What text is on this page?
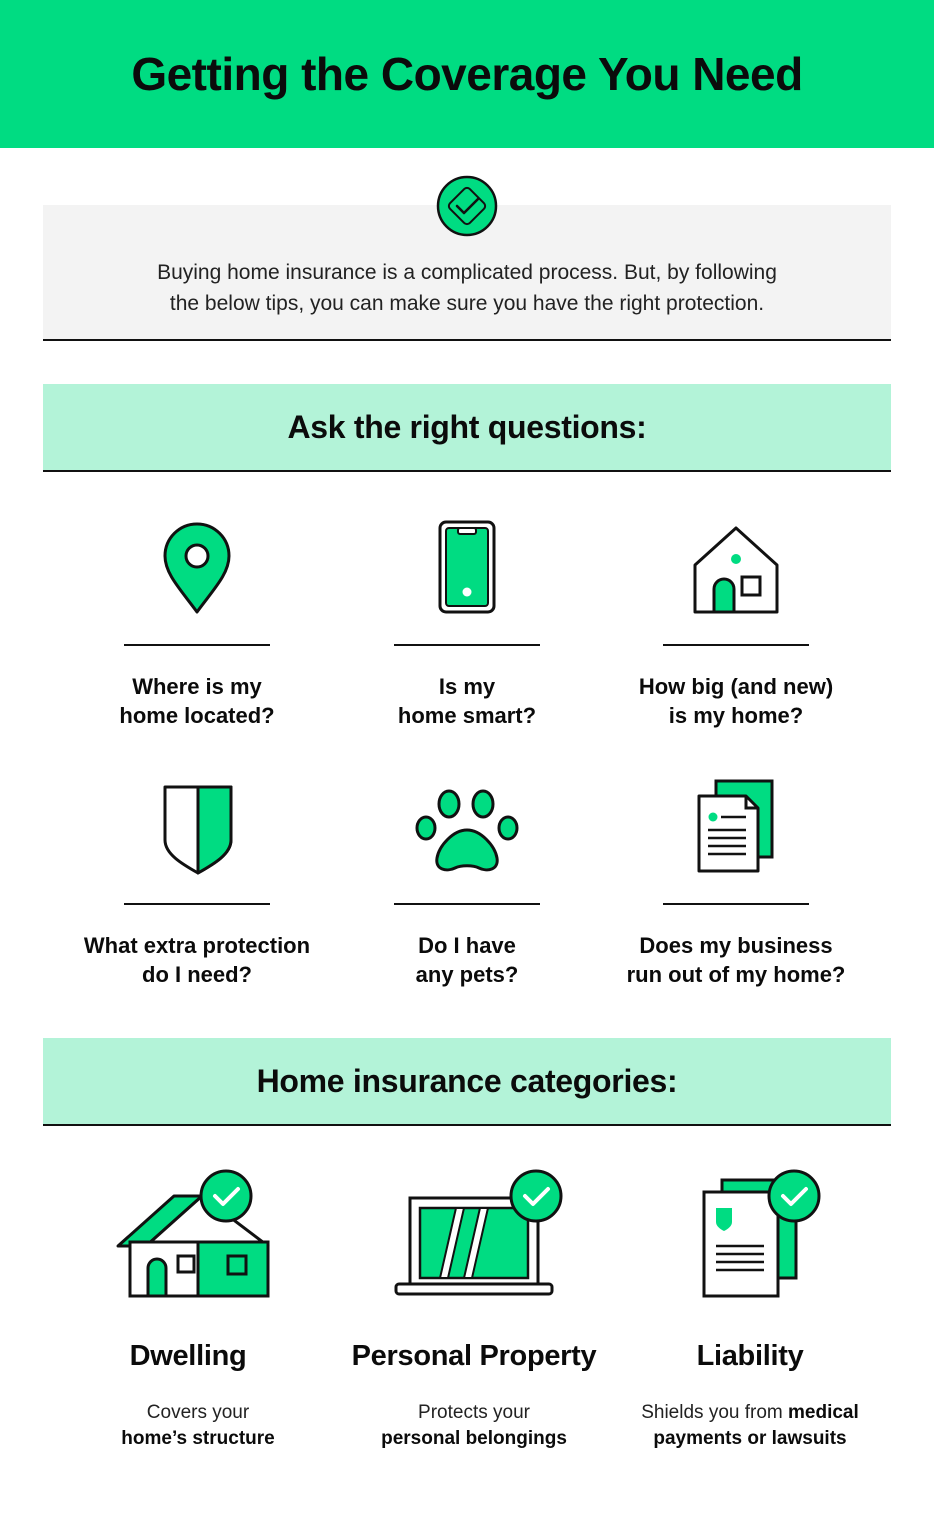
Getting the Coverage You Need

Buying home insurance is a complicated process. But, by following
the below tips, you can make sure you have the right protection.

Ask the right questions:
Where is my
home located?
Is my
home smart?
How big (and new)
is my home?
What extra protection
do I need?
Do I have
any pets?
Does my business
run out of my home?
Home insurance categories:
Dwelling
Covers your
home’s structure
Personal Property
Protects your
personal belongings
Liability
Shields you from medical
payments or lawsuits
